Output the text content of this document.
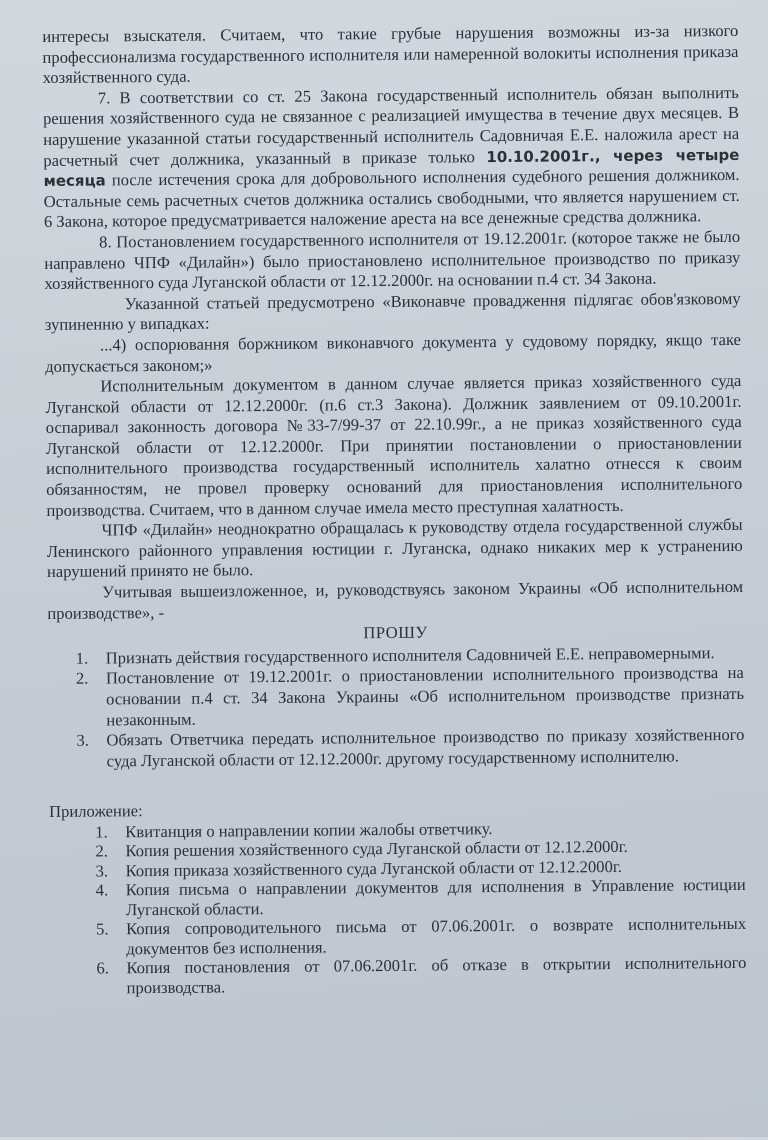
интересы взыскателя. Считаем, что такие грубые нарушения возможны из-за низкого профессионализма государственного исполнителя или намеренной волокиты исполнения приказа хозяйственного суда.

7. В соответствии со ст. 25 Закона государственный исполнитель обязан выполнить решения хозяйственного суда не связанное с реализацией имущества в течение двух месяцев. В нарушение указанной статьи государственный исполнитель Садовничая Е.Е. наложила арест на расчетный счет должника, указанный в приказе только 10.10.2001г., через четыре месяца после истечения срока для добровольного исполнения судебного решения должником. Остальные семь расчетных счетов должника остались свободными, что является нарушением ст. 6 Закона, которое предусматривается наложение ареста на все денежные средства должника.

8. Постановлением государственного исполнителя от 19.12.2001г. (которое также не было направлено ЧПФ «Дилайн») было приостановлено исполнительное производство по приказу хозяйственного суда Луганской области от 12.12.2000г. на основании п.4 ст. 34 Закона.

Указанной статьей предусмотрено «Виконавче провадження підлягає обов'язковому зупиненню у випадках:

...4) оспорювання боржником виконавчого документа у судовому порядку, якщо таке допускається законом;»

Исполнительным документом в данном случае является приказ хозяйственного суда Луганской области от 12.12.2000г. (п.6 ст.3 Закона). Должник заявлением от 09.10.2001г. оспаривал законность договора №33-7/99-37 от 22.10.99г., а не приказ хозяйственного суда Луганской области от 12.12.2000г. При принятии постановлении о приостановлении исполнительного производства государственный исполнитель халатно отнесся к своим обязанностям, не провел проверку оснований для приостановления исполнительного производства. Считаем, что в данном случае имела место преступная халатность.

ЧПФ «Дилайн» неоднократно обращалась к руководству отдела государственной службы Ленинского районного управления юстиции г. Луганска, однако никаких мер к устранению нарушений принято не было.

Учитывая вышеизложенное, и, руководствуясь законом Украины «Об исполнительном производстве», -

ПРОШУ

1. Признать действия государственного исполнителя Садовничей Е.Е. неправомерными.
2. Постановление от 19.12.2001г. о приостановлении исполнительного производства на основании п.4 ст. 34 Закона Украины «Об исполнительном производстве признать незаконным.
3. Обязать Ответчика передать исполнительное производство по приказу хозяйственного суда Луганской области от 12.12.2000г. другому государственному исполнителю.

Приложение:

1. Квитанция о направлении копии жалобы ответчику.
2. Копия решения хозяйственного суда Луганской области от 12.12.2000г.
3. Копия приказа хозяйственного суда Луганской области от 12.12.2000г.
4. Копия письма о направлении документов для исполнения в Управление юстиции Луганской области.
5. Копия сопроводительного письма от 07.06.2001г. о возврате исполнительных документов без исполнения.
6. Копия постановления от 07.06.2001г. об отказе в открытии исполнительного производства.
